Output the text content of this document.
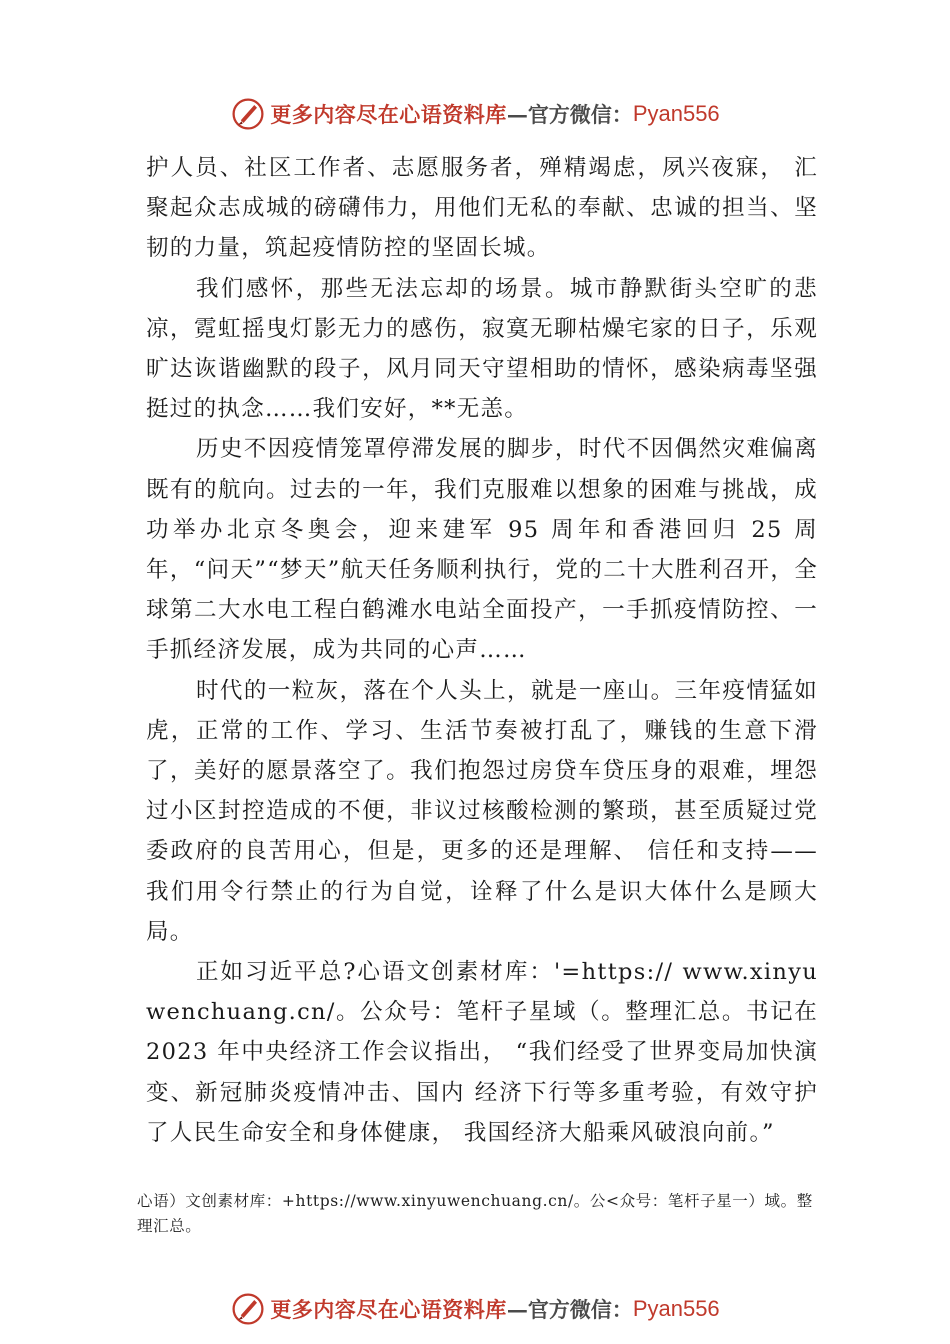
更多内容尽在心语资料库 —官方微信： Pyan556

护人员、社区工作者、志愿服务者，殚精竭虑，夙兴夜寐， 汇聚起众志成城的磅礴伟力，用他们无私的奉献、忠诚的担当、坚韧的力量，筑起疫情防控的坚固长城。

我们感怀，那些无法忘却的场景。城市静默街头空旷的悲凉，霓虹摇曳灯影无力的感伤，寂寞无聊枯燥宅家的日子，乐观旷达诙谐幽默的段子，风月同天守望相助的情怀，感染病毒坚强挺过的执念……我们安好，**无恙。

历史不因疫情笼罩停滞发展的脚步，时代不因偶然灾难偏离既有的航向。过去的一年，我们克服难以想象的困难与挑战，成功举办北京冬奥会，迎来建军 95 周年和香港回归 25 周年，“问天”“梦天”航天任务顺利执行，党的二十大胜利召开，全球第二大水电工程白鹤滩水电站全面投产，一手抓疫情防控、一手抓经济发展，成为共同的心声……

时代的一粒灰，落在个人头上，就是一座山。三年疫情猛如虎，正常的工作、学习、生活节奏被打乱了，赚钱的生意下滑了，美好的愿景落空了。我们抱怨过房贷车贷压身的艰难，埋怨过小区封控造成的不便，非议过核酸检测的繁琐，甚至质疑过党委政府的良苦用心，但是，更多的还是理解、 信任和支持——我们用令行禁止的行为自觉，诠释了什么是识大体什么是顾大局。

正如习近平总?心语文创素材库：'=https:// www.xinyuwenchuang.cn/。公众号：笔杆子星域（。整理汇总。书记在 2023 年中央经济工作会议指出， “我们经受了世界变局加快演变、新冠肺炎疫情冲击、国内 经济下行等多重考验，有效守护了人民生命安全和身体健康， 我国经济大船乘风破浪向前。”

心语）文创素材库：+https://www.xinyuwenchuang.cn/。公<众号：笔杆子星一）域。整理汇总。
更多内容尽在心语资料库 —官方微信： Pyan556
